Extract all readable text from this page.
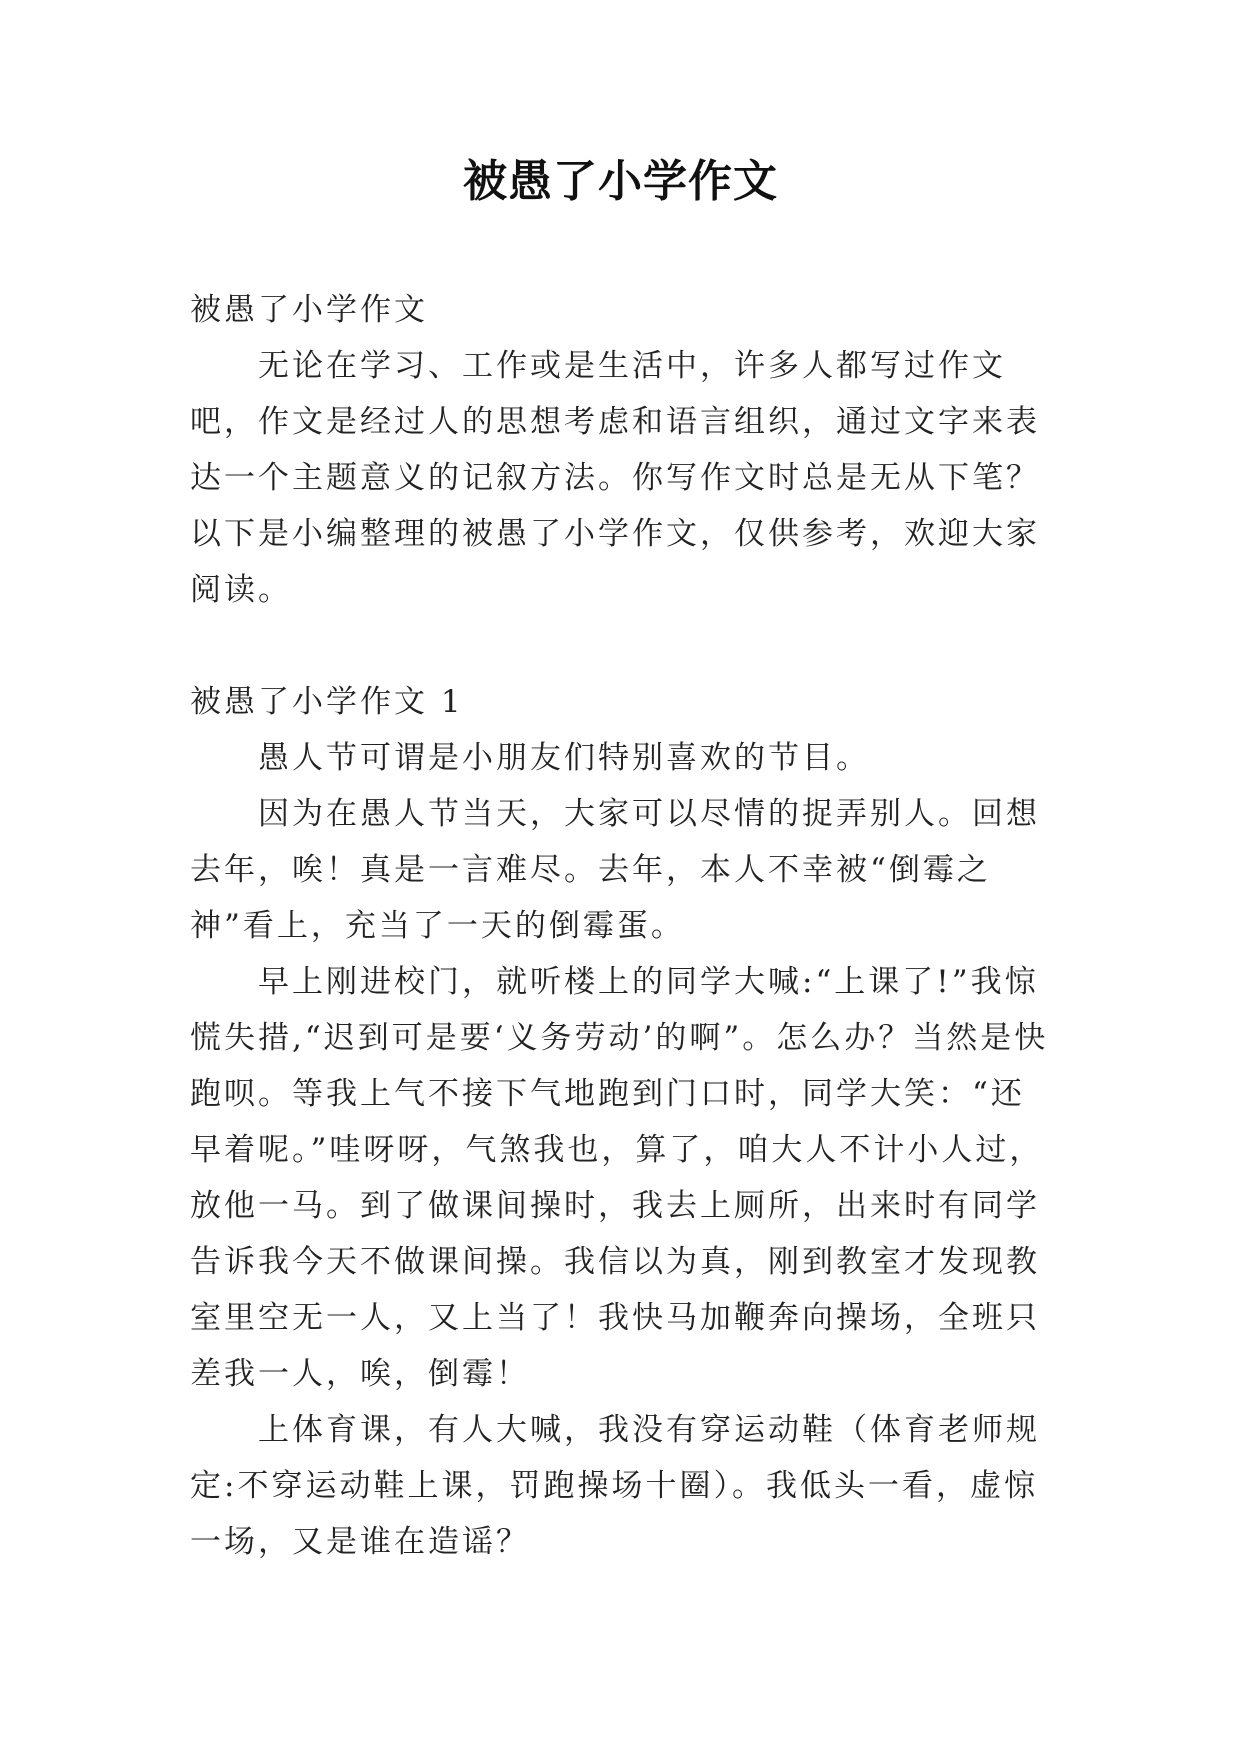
被愚了小学作文

被愚了小学作文

无论在学习、工作或是生活中，许多人都写过作文吧，作文是经过人的思想考虑和语言组织，通过文字来表达一个主题意义的记叙方法。你写作文时总是无从下笔？以下是小编整理的被愚了小学作文，仅供参考，欢迎大家阅读。

被愚了小学作文 1

愚人节可谓是小朋友们特别喜欢的节目。

因为在愚人节当天，大家可以尽情的捉弄别人。回想去年，唉！真是一言难尽。去年，本人不幸被“倒霉之神”看上，充当了一天的倒霉蛋。

早上刚进校门，就听楼上的同学大喊:“上课了!”我惊慌失措,“迟到可是要‘义务劳动’的啊”。怎么办？当然是快跑呗。等我上气不接下气地跑到门口时，同学大笑：“还早着呢。”哇呀呀，气煞我也，算了，咱大人不计小人过，放他一马。到了做课间操时，我去上厕所，出来时有同学告诉我今天不做课间操。我信以为真，刚到教室才发现教室里空无一人，又上当了！我快马加鞭奔向操场，全班只差我一人，唉，倒霉！

上体育课，有人大喊，我没有穿运动鞋（体育老师规定:不穿运动鞋上课，罚跑操场十圈）。我低头一看，虚惊一场，又是谁在造谣？
